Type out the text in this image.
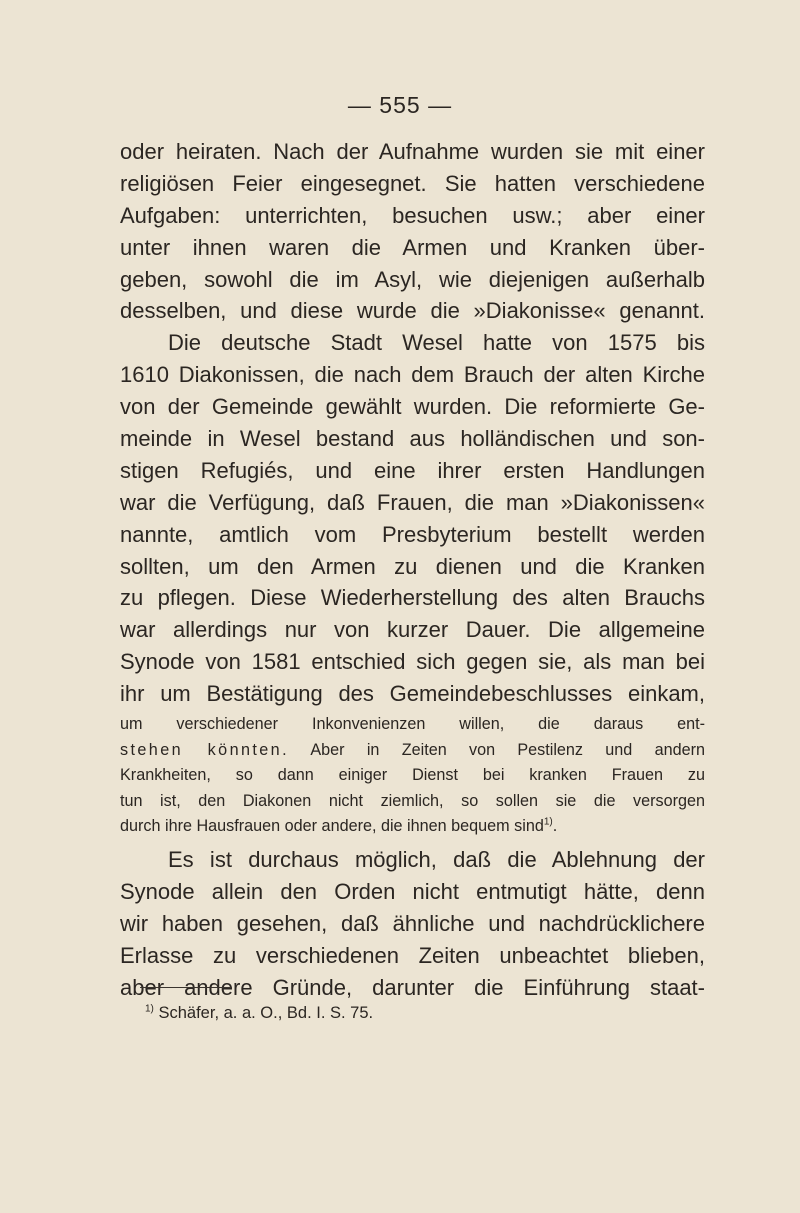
— 555 —

oder heiraten. Nach der Aufnahme wurden sie mit einer
religiösen Feier eingesegnet. Sie hatten verschiedene
Aufgaben: unterrichten, besuchen usw.; aber einer
unter ihnen waren die Armen und Kranken über-
geben, sowohl die im Asyl, wie diejenigen außerhalb
desselben, und diese wurde die »Diakonisse« genannt.

Die deutsche Stadt Wesel hatte von 1575 bis
1610 Diakonissen, die nach dem Brauch der alten Kirche
von der Gemeinde gewählt wurden. Die reformierte Ge-
meinde in Wesel bestand aus holländischen und son-
stigen Refugiés, und eine ihrer ersten Handlungen
war die Verfügung, daß Frauen, die man »Diakonissen«
nannte, amtlich vom Presbyterium bestellt werden
sollten, um den Armen zu dienen und die Kranken
zu pflegen. Diese Wiederherstellung des alten Brauchs
war allerdings nur von kurzer Dauer. Die allgemeine
Synode von 1581 entschied sich gegen sie, als man bei
ihr um Bestätigung des Gemeindebeschlusses einkam,

um verschiedener Inkonvenienzen willen, die daraus ent-
stehen könnten. Aber in Zeiten von Pestilenz und andern
Krankheiten, so dann einiger Dienst bei kranken Frauen zu
tun ist, den Diakonen nicht ziemlich, so sollen sie die versorgen
durch ihre Hausfrauen oder andere, die ihnen bequem sind$^{1)}$.

Es ist durchaus möglich, daß die Ablehnung der
Synode allein den Orden nicht entmutigt hätte, denn
wir haben gesehen, daß ähnliche und nachdrücklichere
Erlasse zu verschiedenen Zeiten unbeachtet blieben,
aber andere Gründe, darunter die Einführung staat-

$^{1)}$ Schäfer, a. a. O., Bd. I. S. 75.
